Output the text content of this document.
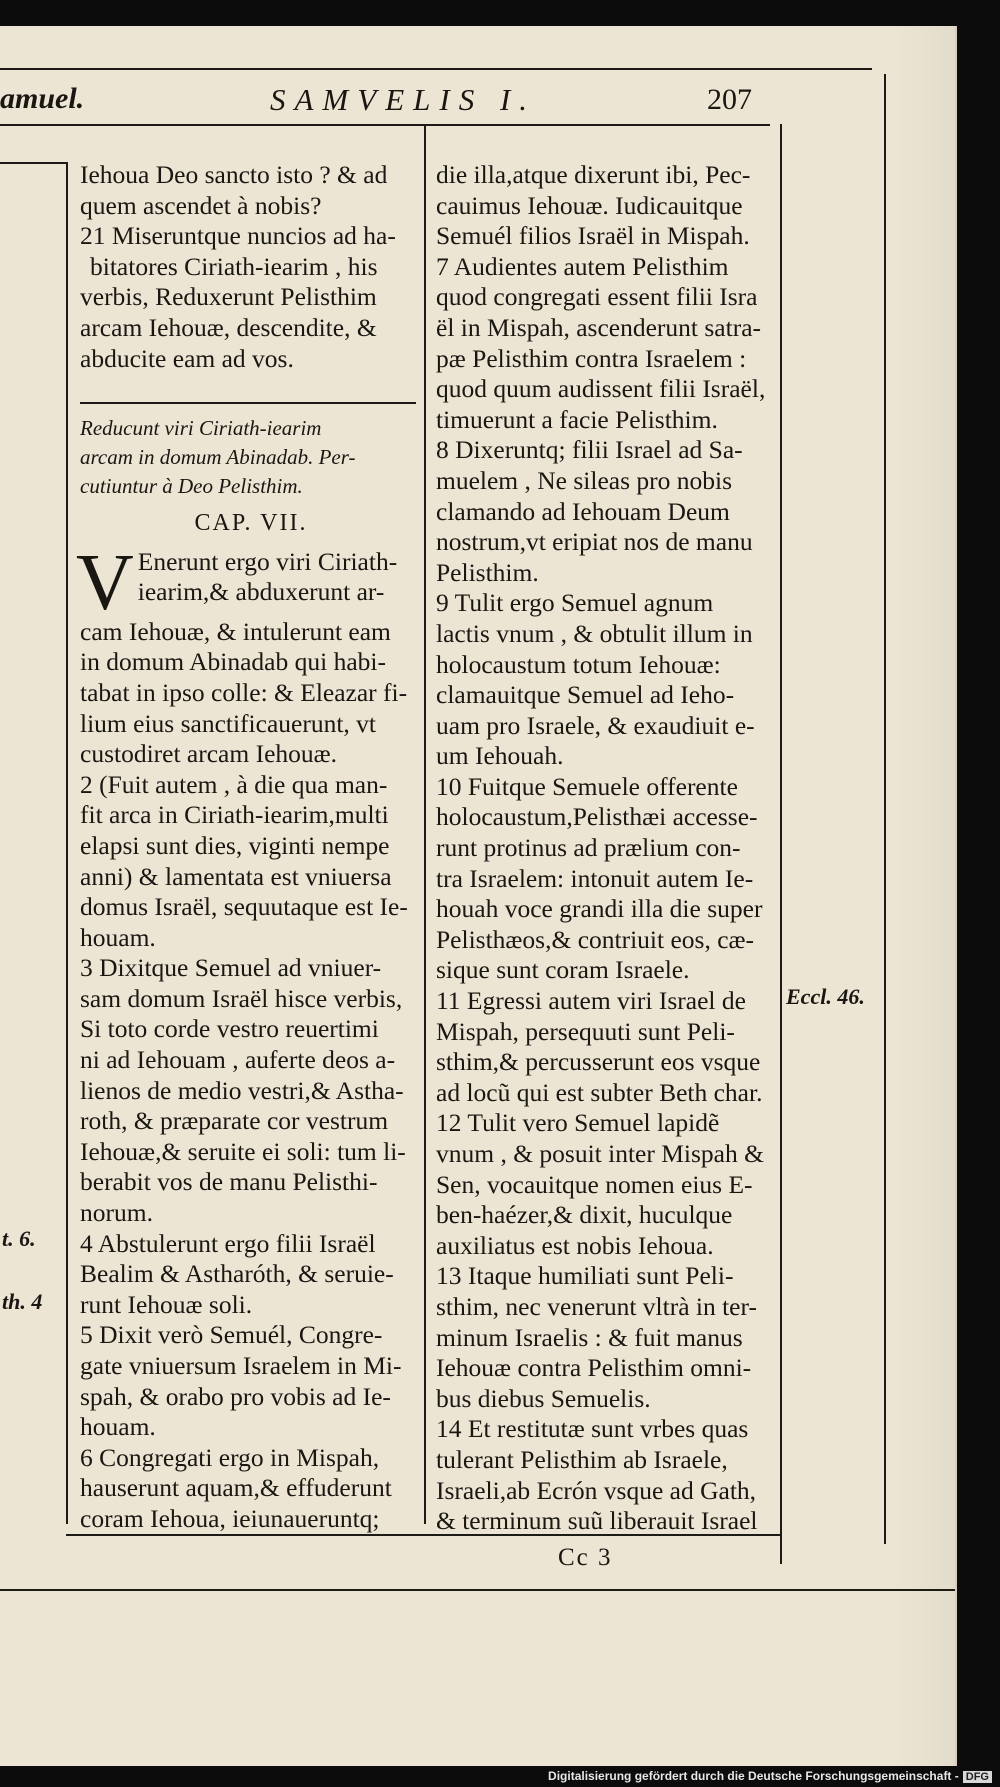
amuel.	SAMVELIS I.	207

Iehoua Deo sancto isto ? & ad

quem ascendet à nobis?

21 Miseruntque nuncios ad ha-

bitatores Ciriath-iearim , his

verbis, Reduxerunt Pelisthim

arcam Iehouæ, descendite, &

abducite eam ad vos.

Reducunt viri Ciriath-iearim

arcam in domum Abinadab. Per-

cutiuntur à Deo Pelisthim.

CAP. VII.
V Enerunt ergo viri Ciriath-

iearim,& abduxerunt ar-

cam Iehouæ, & intulerunt eam

in domum Abinadab qui habi-

tabat in ipso colle: & Eleazar fi-

lium eius sanctificauerunt, vt

custodiret arcam Iehouæ.

2 (Fuit autem , à die qua man-

fit arca in Ciriath-iearim,multi

elapsi sunt dies, viginti nempe

anni) & lamentata est vniuersa

domus Israël, sequutaque est Ie-

houam.

3 Dixitque Semuel ad vniuer-

sam domum Israël hisce verbis,

Si toto corde vestro reuertimi

ni ad Iehouam , auferte deos a-

lienos de medio vestri,& Astha-

roth, & præparate cor vestrum

Iehouæ,& seruite ei soli: tum li-

berabit vos de manu Pelisthi-

norum.

4 Abstulerunt ergo filii Israël

Bealim & Astharóth, & seruie-

runt Iehouæ soli.

5 Dixit verò Semuél, Congre-

gate vniuersum Israelem in Mi-

spah, & orabo pro vobis ad Ie-

houam.

6 Congregati ergo in Mispah,

hauserunt aquam,& effuderunt

coram Iehoua, ieiunaueruntq;

die illa,atque dixerunt ibi, Pec-

cauimus Iehouæ. Iudicauitque

Semuél filios Israël in Mispah.

7 Audientes autem Pelisthim

quod congregati essent filii Isra

ël in Mispah, ascenderunt satra-

pæ Pelisthim contra Israelem :

quod quum audissent filii Israël,

timuerunt a facie Pelisthim.

8 Dixeruntq; filii Israel ad Sa-

muelem , Ne sileas pro nobis

clamando ad Iehouam Deum

nostrum,vt eripiat nos de manu

Pelisthim.

9 Tulit ergo Semuel agnum

lactis vnum , & obtulit illum in

holocaustum totum Iehouæ:

clamauitque Semuel ad Ieho-

uam pro Israele, & exaudiuit e-

um Iehouah.

10 Fuitque Semuele offerente

holocaustum,Pelisthæi accesse-

runt protinus ad prælium con-

tra Israelem: intonuit autem Ie-

houah voce grandi illa die super

Pelisthæos,& contriuit eos, cæ-

sique sunt coram Israele.

11 Egressi autem viri Israel de

Mispah, persequuti sunt Peli-

sthim,& percusserunt eos vsque

ad locũ qui est subter Beth char.

12 Tulit vero Semuel lapidẽ

vnum , & posuit inter Mispah &

Sen, vocauitque nomen eius E-

ben-haézer,& dixit, huculque

auxiliatus est nobis Iehoua.

13 Itaque humiliati sunt Peli-

sthim, nec venerunt vltrà in ter-

minum Israelis : & fuit manus

Iehouæ contra Pelisthim omni-

bus diebus Semuelis.

14 Et restitutæ sunt vrbes quas

tulerant Pelisthim ab Israele,

Israeli,ab Ecrón vsque ad Gath,

& terminum suũ liberauit Israel

Eccl. 46.
t. 6.
th. 4
Cc 3
Digitalisierung gefördert durch die Deutsche Forschungsgemeinschaft - DFG
